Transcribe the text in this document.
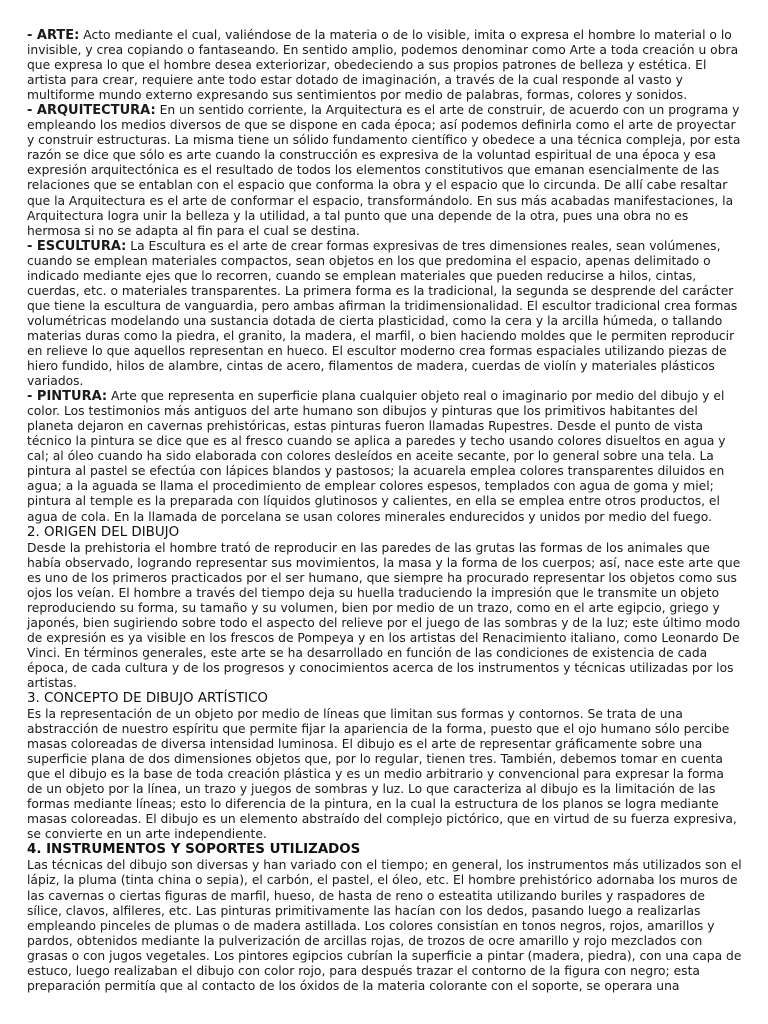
- ARTE: Acto mediante el cual, valiéndose de la materia o de lo visible, imita o expresa el hombre lo material o lo invisible, y crea copiando o fantaseando. En sentido amplio, podemos denominar como Arte a toda creación u obra que expresa lo que el hombre desea exteriorizar, obedeciendo a sus propios patrones de belleza y estética. El artista para crear, requiere ante todo estar dotado de imaginación, a través de la cual responde al vasto y multiforme mundo externo expresando sus sentimientos por medio de palabras, formas, colores y sonidos.

- ARQUITECTURA: En un sentido corriente, la Arquitectura es el arte de construir, de acuerdo con un programa y empleando los medios diversos de que se dispone en cada época; así podemos definirla como el arte de proyectar y construir estructuras. La misma tiene un sólido fundamento científico y obedece a una técnica compleja, por esta razón se dice que sólo es arte cuando la construcción es expresiva de la voluntad espiritual de una época y esa expresión arquitectónica es el resultado de todos los elementos constitutivos que emanan esencialmente de las relaciones que se entablan con el espacio que conforma la obra y el espacio que lo circunda. De allí cabe resaltar que la Arquitectura es el arte de conformar el espacio, transformándolo. En sus más acabadas manifestaciones, la Arquitectura logra unir la belleza y la utilidad, a tal punto que una depende de la otra, pues una obra no es hermosa si no se adapta al fin para el cual se destina.

- ESCULTURA: La Escultura es el arte de crear formas expresivas de tres dimensiones reales, sean volúmenes, cuando se emplean materiales compactos, sean objetos en los que predomina el espacio, apenas delimitado o indicado mediante ejes que lo recorren, cuando se emplean materiales que pueden reducirse a hilos, cintas, cuerdas, etc. o materiales transparentes. La primera forma es la tradicional, la segunda se desprende del carácter que tiene la escultura de vanguardia, pero ambas afirman la tridimensionalidad. El escultor tradicional crea formas volumétricas modelando una sustancia dotada de cierta plasticidad, como la cera y la arcilla húmeda, o tallando materias duras como la piedra, el granito, la madera, el marfil, o bien haciendo moldes que le permiten reproducir en relieve lo que aquellos representan en hueco. El escultor moderno crea formas espaciales utilizando piezas de hiero fundido, hilos de alambre, cintas de acero, filamentos de madera, cuerdas de violín y materiales plásticos variados.

- PINTURA: Arte que representa en superficie plana cualquier objeto real o imaginario por medio del dibujo y el color. Los testimonios más antiguos del arte humano son dibujos y pinturas que los primitivos habitantes del planeta dejaron en cavernas prehistóricas, estas pinturas fueron llamadas Rupestres. Desde el punto de vista técnico la pintura se dice que es al fresco cuando se aplica a paredes y techo usando colores disueltos en agua y cal; al óleo cuando ha sido elaborada con colores desleídos en aceite secante, por lo general sobre una tela. La pintura al pastel se efectúa con lápices blandos y pastosos; la acuarela emplea colores transparentes diluidos en agua; a la aguada se llama el procedimiento de emplear colores espesos, templados con agua de goma y miel; pintura al temple es la preparada con líquidos glutinosos y calientes, en ella se emplea entre otros productos, el agua de cola. En la llamada de porcelana se usan colores minerales endurecidos y unidos por medio del fuego.

2. ORIGEN DEL DIBUJO

Desde la prehistoria el hombre trató de reproducir en las paredes de las grutas las formas de los animales que había observado, logrando representar sus movimientos, la masa y la forma de los cuerpos; así, nace este arte que es uno de los primeros practicados por el ser humano, que siempre ha procurado representar los objetos como sus ojos los veían. El hombre a través del tiempo deja su huella traduciendo la impresión que le transmite un objeto reproduciendo su forma, su tamaño y su volumen, bien por medio de un trazo, como en el arte egipcio, griego y japonés, bien sugiriendo sobre todo el aspecto del relieve por el juego de las sombras y de la luz; este último modo de expresión es ya visible en los frescos de Pompeya y en los artistas del Renacimiento italiano, como Leonardo De Vinci. En términos generales, este arte se ha desarrollado en función de las condiciones de existencia de cada época, de cada cultura y de los progresos y conocimientos acerca de los instrumentos y técnicas utilizadas por los artistas.

3. CONCEPTO DE DIBUJO ARTÍSTICO

Es la representación de un objeto por medio de líneas que limitan sus formas y contornos. Se trata de una abstracción de nuestro espíritu que permite fijar la apariencia de la forma, puesto que el ojo humano sólo percibe masas coloreadas de diversa intensidad luminosa. El dibujo es el arte de representar gráficamente sobre una superficie plana de dos dimensiones objetos que, por lo regular, tienen tres. También, debemos tomar en cuenta que el dibujo es la base de toda creación plástica y es un medio arbitrario y convencional para expresar la forma de un objeto por la línea, un trazo y juegos de sombras y luz. Lo que caracteriza al dibujo es la limitación de las formas mediante líneas; esto lo diferencia de la pintura, en la cual la estructura de los planos se logra mediante masas coloreadas. El dibujo es un elemento abstraído del complejo pictórico, que en virtud de su fuerza expresiva, se convierte en un arte independiente.

4. INSTRUMENTOS Y SOPORTES UTILIZADOS

Las técnicas del dibujo son diversas y han variado con el tiempo; en general, los instrumentos más utilizados son el lápiz, la pluma (tinta china o sepia), el carbón, el pastel, el óleo, etc. El hombre prehistórico adornaba los muros de las cavernas o ciertas figuras de marfil, hueso, de hasta de reno o esteatita utilizando buriles y raspadores de sílice, clavos, alfileres, etc. Las pinturas primitivamente las hacían con los dedos, pasando luego a realizarlas empleando pinceles de plumas o de madera astillada. Los colores consistían en tonos negros, rojos, amarillos y pardos, obtenidos mediante la pulverización de arcillas rojas, de trozos de ocre amarillo y rojo mezclados con grasas o con jugos vegetales. Los pintores egipcios cubrían la superficie a pintar (madera, piedra), con una capa de estuco, luego realizaban el dibujo con color rojo, para después trazar el contorno de la figura con negro; esta preparación permitía que al contacto de los óxidos de la materia colorante con el soporte, se operara una
